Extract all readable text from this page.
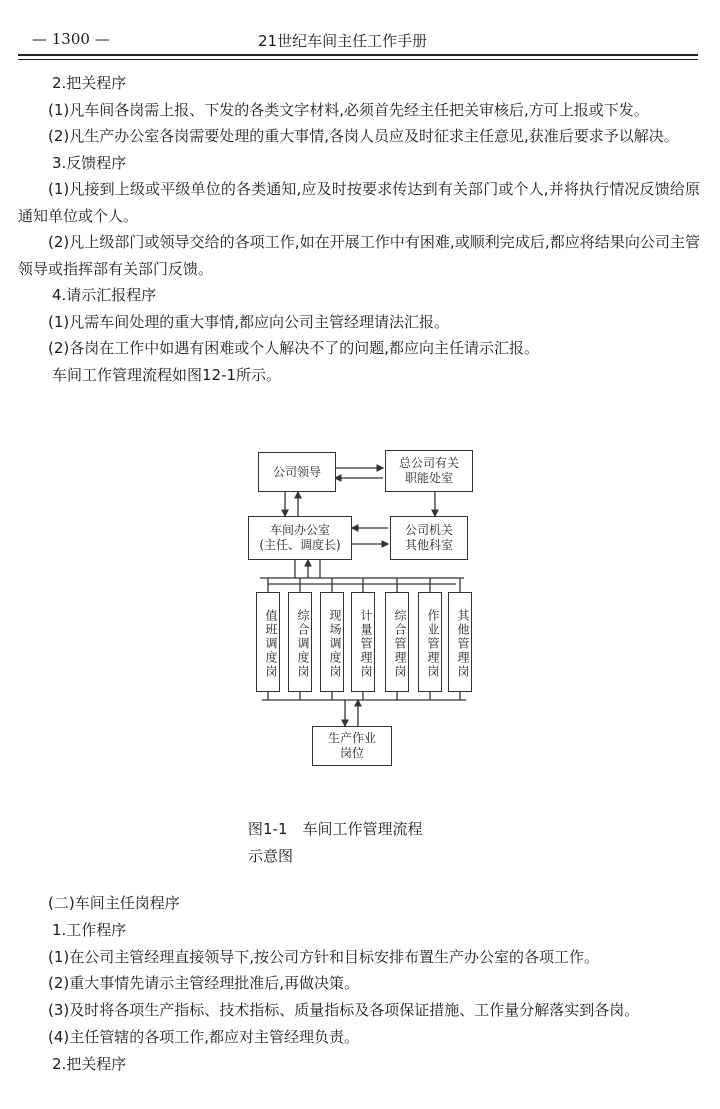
— 1300 —	21世纪车间主任工作手册

2.把关程序

(1)凡车间各岗需上报、下发的各类文字材料,必须首先经主任把关审核后,方可上报或下发。

(2)凡生产办公室各岗需要处理的重大事情,各岗人员应及时征求主任意见,获准后要求予以解决。

3.反馈程序

(1)凡接到上级或平级单位的各类通知,应及时按要求传达到有关部门或个人,并将执行情况反馈给原通知单位或个人。

(2)凡上级部门或领导交给的各项工作,如在开展工作中有困难,或顺利完成后,都应将结果向公司主管领导或指挥部有关部门反馈。

4.请示汇报程序

(1)凡需车间处理的重大事情,都应向公司主管经理请法汇报。

(2)各岗在工作中如遇有困难或个人解决不了的问题,都应向主任请示汇报。

车间工作管理流程如图12-1所示。

公司领导
总公司有关职能处室
车间办公室
(主任、调度长)
公司机关
其他科室
值班调度岗	综合调度岗	现场调度岗	计量管理岗	综合管理岗	作业管理岗	其他管理岗
生产作业
岗位
图1-1　车间工作管理流程
示意图

(二)车间主任岗程序

1.工作程序

(1)在公司主管经理直接领导下,按公司方针和目标安排布置生产办公室的各项工作。

(2)重大事情先请示主管经理批准后,再做决策。

(3)及时将各项生产指标、技术指标、质量指标及各项保证措施、工作量分解落实到各岗。

(4)主任管辖的各项工作,都应对主管经理负责。

2.把关程序
